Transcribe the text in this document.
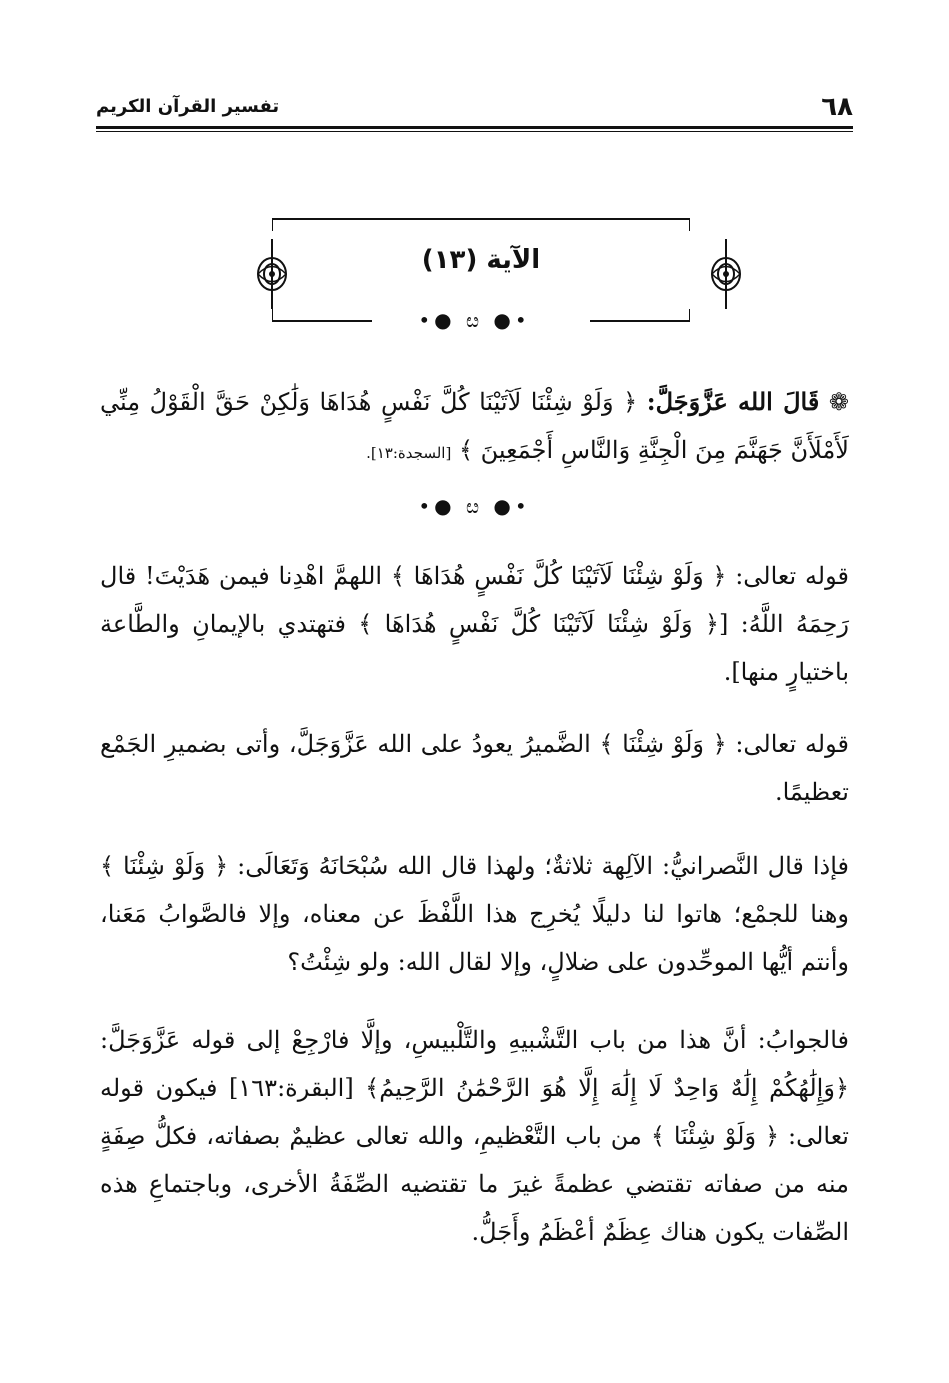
٦٨
تفسير القرآن الكريم
الآية (١٣)
•● ೞ ●•
❁ قَالَ الله عَزَّوَجَلَّ: ﴿ وَلَوْ شِئْنَا لَآتَيْنَا كُلَّ نَفْسٍ هُدَاهَا وَلَٰكِنْ حَقَّ الْقَوْلُ مِنِّي لَأَمْلَأَنَّ جَهَنَّمَ مِنَ الْجِنَّةِ وَالنَّاسِ أَجْمَعِينَ ﴾ [السجدة:١٣].
•● ೞ ●•
قوله تعالى: ﴿ وَلَوْ شِئْنَا لَآتَيْنَا كُلَّ نَفْسٍ هُدَاهَا ﴾ اللهمَّ اهْدِنا فيمن هَدَيْتَ! قال رَحِمَهُ اللَّهُ: [﴿ وَلَوْ شِئْنَا لَآتَيْنَا كُلَّ نَفْسٍ هُدَاهَا ﴾ فتهتدي بالإيمانِ والطَّاعة باختيارٍ منها].
قوله تعالى: ﴿ وَلَوْ شِئْنَا ﴾ الضَّميرُ يعودُ على الله عَزَّوَجَلَّ، وأتى بضميرِ الجَمْع تعظيمًا.
فإذا قال النَّصرانيُّ: الآلِهة ثلاثةٌ؛ ولهذا قال الله سُبْحَانَهُ وَتَعَالَى: ﴿ وَلَوْ شِئْنَا ﴾ وهنا للجمْع؛ هاتوا لنا دليلًا يُخرِج هذا اللَّفْظَ عن معناه، وإلا فالصَّوابُ مَعَنا، وأنتم أيُّها الموحِّدون على ضلالٍ، وإلا لقال الله: ولو شِئْتُ؟
فالجوابُ: أنَّ هذا من باب التَّشْبيهِ والتَّلْبيسِ، وإلَّا فارْجِعْ إلى قوله عَزَّوَجَلَّ: ﴿وَإِلَٰهُكُمْ إِلَٰهٌ وَاحِدٌ لَا إِلَٰهَ إِلَّا هُوَ الرَّحْمَٰنُ الرَّحِيمُ﴾ [البقرة:١٦٣] فيكون قوله تعالى: ﴿ وَلَوْ شِئْنَا ﴾ من باب التَّعْظيمِ، والله تعالى عظيمٌ بصفاته، فكلُّ صِفَةٍ منه من صفاته تقتضي عظمةً غيرَ ما تقتضيه الصِّفَةُ الأخرى، وباجتماعِ هذه الصِّفات يكون هناك عِظَمٌ أعْظَمُ وأَجَلُّ.
